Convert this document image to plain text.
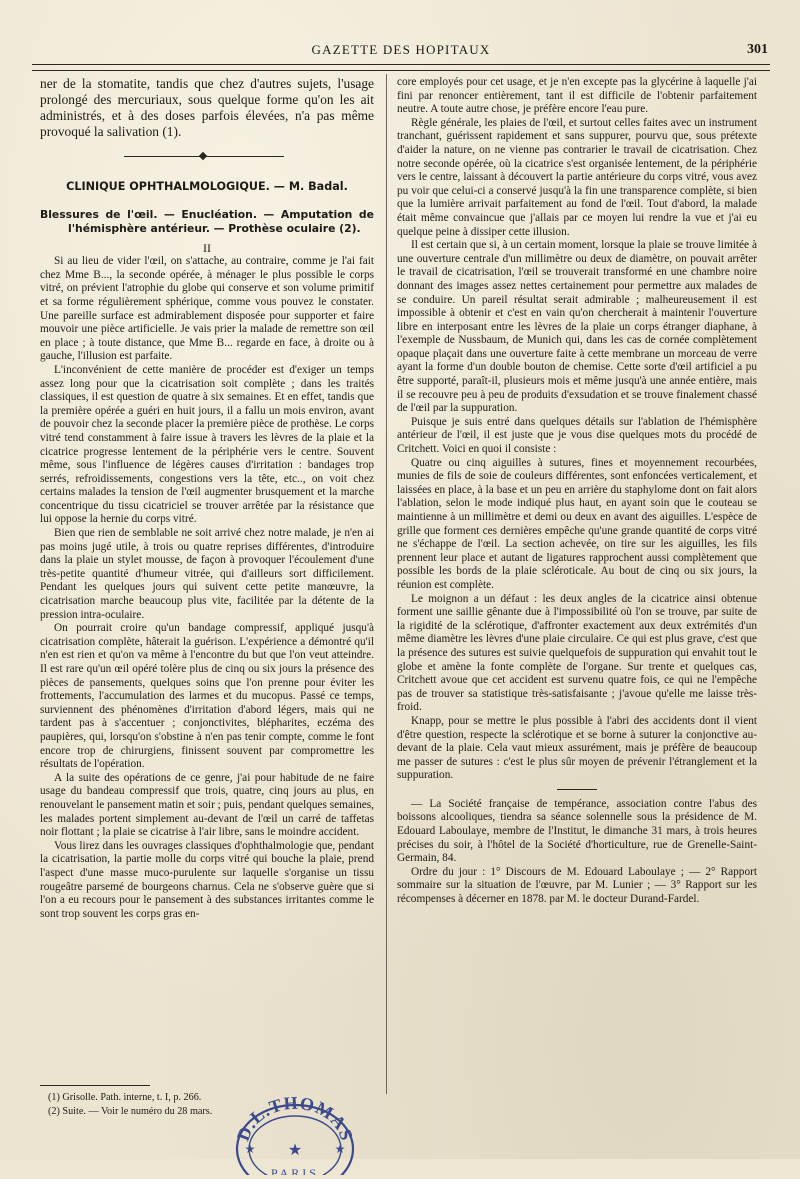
GAZETTE DES HOPITAUX	301

ner de la stomatite, tandis que chez d'autres sujets, l'usage prolongé des mercuriaux, sous quelque forme qu'on les ait administrés, et à des doses parfois élevées, n'a pas même provoqué la salivation (1).

CLINIQUE OPHTHALMOLOGIQUE. — M. Badal.
Blessures de l'œil. — Enucléation. — Amputation de l'hémisphère antérieur. — Prothèse oculaire (2).

II

Si au lieu de vider l'œil, on s'attache, au contraire, comme je l'ai fait chez Mme B..., la seconde opérée, à ménager le plus possible le corps vitré, on prévient l'atrophie du globe qui conserve et son volume primitif et sa forme régulièrement sphérique, comme vous pouvez le constater. Une pareille surface est admirablement disposée pour supporter et faire mouvoir une pièce artificielle. Je vais prier la malade de remettre son œil en place ; à toute distance, que Mme B... regarde en face, à droite ou à gauche, l'illusion est parfaite.

L'inconvénient de cette manière de procéder est d'exiger un temps assez long pour que la cicatrisation soit complète ; dans les traités classiques, il est question de quatre à six semaines. Et en effet, tandis que la première opérée a guéri en huit jours, il a fallu un mois environ, avant de pouvoir chez la seconde placer la première pièce de prothèse. Le corps vitré tend constamment à faire issue à travers les lèvres de la plaie et la cicatrice progresse lentement de la périphérie vers le centre. Souvent même, sous l'influence de légères causes d'irritation : bandages trop serrés, refroidissements, congestions vers la tête, etc.., on voit chez certains malades la tension de l'œil augmenter brusquement et la marche concentrique du tissu cicatriciel se trouver arrêtée par la résistance que lui oppose la hernie du corps vitré.

Bien que rien de semblable ne soit arrivé chez notre malade, je n'en ai pas moins jugé utile, à trois ou quatre reprises différentes, d'introduire dans la plaie un stylet mousse, de façon à provoquer l'écoulement d'une très-petite quantité d'humeur vitrée, qui d'ailleurs sort difficilement. Pendant les quelques jours qui suivent cette petite manœuvre, la cicatrisation marche beaucoup plus vite, facilitée par la détente de la pression intra-oculaire.

On pourrait croire qu'un bandage compressif, appliqué jusqu'à cicatrisation complète, hâterait la guérison. L'expérience a démontré qu'il n'en est rien et qu'on va même à l'encontre du but que l'on veut atteindre. Il est rare qu'un œil opéré tolère plus de cinq ou six jours la présence des pièces de pansements, quelques soins que l'on prenne pour éviter les frottements, l'accumulation des larmes et du mucopus. Passé ce temps, surviennent des phénomènes d'irritation d'abord légers, mais qui ne tardent pas à s'accentuer ; conjonctivites, blépharites, eczéma des paupières, qui, lorsqu'on s'obstine à n'en pas tenir compte, comme le font encore trop de chirurgiens, finissent souvent par compromettre les résultats de l'opération.

A la suite des opérations de ce genre, j'ai pour habitude de ne faire usage du bandeau compressif que trois, quatre, cinq jours au plus, en renouvelant le pansement matin et soir ; puis, pendant quelques semaines, les malades portent simplement au-devant de l'œil un carré de taffetas noir flottant ; la plaie se cicatrise à l'air libre, sans le moindre accident.

Vous lirez dans les ouvrages classiques d'ophthalmologie que, pendant la cicatrisation, la partie molle du corps vitré qui bouche la plaie, prend l'aspect d'une masse muco-purulente sur laquelle s'organise un tissu rougeâtre parsemé de bourgeons charnus. Cela ne s'observe guère que si l'on a eu recours pour le pansement à des substances irritantes comme le sont trop souvent les corps gras en-

core employés pour cet usage, et je n'en excepte pas la glycérine à laquelle j'ai fini par renoncer entièrement, tant il est difficile de l'obtenir parfaitement neutre. A toute autre chose, je préfère encore l'eau pure.

Règle générale, les plaies de l'œil, et surtout celles faites avec un instrument tranchant, guérissent rapidement et sans suppurer, pourvu que, sous prétexte d'aider la nature, on ne vienne pas contrarier le travail de cicatrisation. Chez notre seconde opérée, où la cicatrice s'est organisée lentement, de la périphérie vers le centre, laissant à découvert la partie antérieure du corps vitré, vous avez pu voir que celui-ci a conservé jusqu'à la fin une transparence complète, si bien que la lumière arrivait parfaitement au fond de l'œil. Tout d'abord, la malade était même convaincue que j'allais par ce moyen lui rendre la vue et j'ai eu quelque peine à dissiper cette illusion.

Il est certain que si, à un certain moment, lorsque la plaie se trouve limitée à une ouverture centrale d'un millimètre ou deux de diamètre, on pouvait arrêter le travail de cicatrisation, l'œil se trouverait transformé en une chambre noire donnant des images assez nettes certainement pour permettre aux malades de se conduire. Un pareil résultat serait admirable ; malheureusement il est impossible à obtenir et c'est en vain qu'on chercherait à maintenir l'ouverture libre en interposant entre les lèvres de la plaie un corps étranger diaphane, à l'exemple de Nussbaum, de Munich qui, dans les cas de cornée complètement opaque plaçait dans une ouverture faite à cette membrane un morceau de verre ayant la forme d'un double bouton de chemise. Cette sorte d'œil artificiel a pu être supporté, paraît-il, plusieurs mois et même jusqu'à une année entière, mais il se recouvre peu à peu de produits d'exsudation et se trouve finalement chassé de l'œil par la suppuration.

Puisque je suis entré dans quelques détails sur l'ablation de l'hémisphère antérieur de l'œil, il est juste que je vous dise quelques mots du procédé de Critchett. Voici en quoi il consiste :

Quatre ou cinq aiguilles à sutures, fines et moyennement recourbées, munies de fils de soie de couleurs différentes, sont enfoncées verticalement, et laissées en place, à la base et un peu en arrière du staphylome dont on fait alors l'ablation, selon le mode indiqué plus haut, en ayant soin que le couteau se maintienne à un millimètre et demi ou deux en avant des aiguilles. L'espèce de grille que forment ces dernières empêche qu'une grande quantité de corps vitré ne s'échappe de l'œil. La section achevée, on tire sur les aiguilles, les fils prennent leur place et autant de ligatures rapprochent aussi complètement que possible les bords de la plaie scléroticale. Au bout de cinq ou six jours, la réunion est complète.

Le moignon a un défaut : les deux angles de la cicatrice ainsi obtenue forment une saillie gênante due à l'impossibilité où l'on se trouve, par suite de la rigidité de la sclérotique, d'affronter exactement aux deux extrémités d'un même diamètre les lèvres d'une plaie circulaire. Ce qui est plus grave, c'est que la présence des sutures est suivie quelquefois de suppuration qui envahit tout le globe et amène la fonte complète de l'organe. Sur trente et quelques cas, Critchett avoue que cet accident est survenu quatre fois, ce qui ne l'empêche pas de trouver sa statistique très-satisfaisante ; j'avoue qu'elle me laisse très-froid.

Knapp, pour se mettre le plus possible à l'abri des accidents dont il vient d'être question, respecte la sclérotique et se borne à suturer la conjonctive au-devant de la plaie. Cela vaut mieux assurément, mais je préfère de beaucoup me passer de sutures : c'est le plus sûr moyen de prévenir l'étranglement et la suppuration.

— La Société française de tempérance, association contre l'abus des boissons alcooliques, tiendra sa séance solennelle sous la présidence de M. Edouard Laboulaye, membre de l'Institut, le dimanche 31 mars, à trois heures précises du soir, à l'hôtel de la Société d'horticulture, rue de Grenelle-Saint-Germain, 84.

Ordre du jour : 1° Discours de M. Edouard Laboulaye ; — 2° Rapport sommaire sur la situation de l'œuvre, par M. Lunier ; — 3° Rapport sur les récompenses à décerner en 1878. par M. le docteur Durand-Fardel.

(1) Grisolle. Path. interne, t. I, p. 266.
(2) Suite. — Voir le numéro du 28 mars.
D.L.THOMAS
★
★	★
PARIS
